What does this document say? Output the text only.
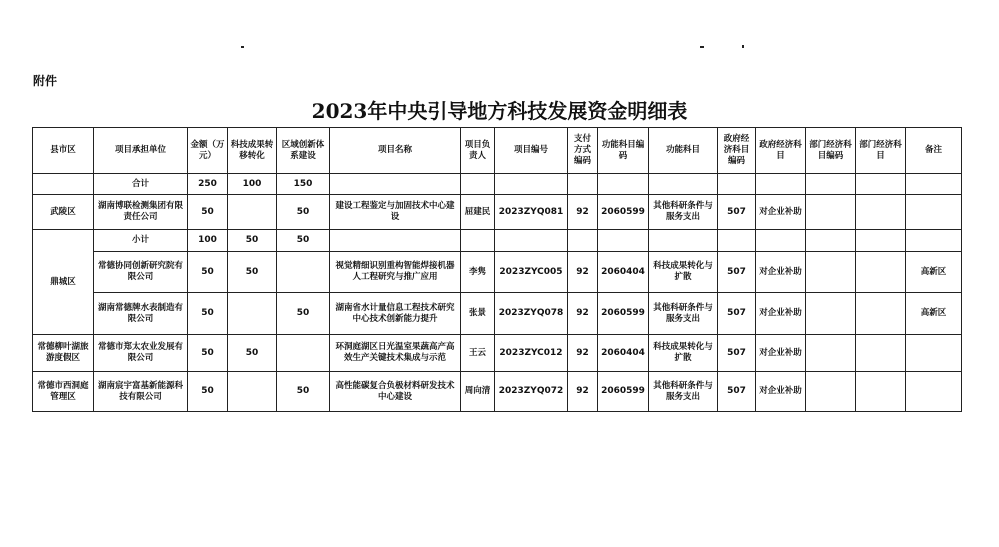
附件
2023年中央引导地方科技发展资金明细表
县市区	项目承担单位	金额（万元）	科技成果转移转化	区域创新体系建设	项目名称	项目负责人	项目编号	支付方式编码	功能科目编码	功能科目	政府经济科目编码	政府经济科目	部门经济科目编码	部门经济科目	备注
	合计	250	100	150											
武陵区	湖南博联检测集团有限责任公司	50		50	建设工程鉴定与加固技术中心建设	屈建民	2023ZYQ081	92	2060599	其他科研条件与服务支出	507	对企业补助			
鼎城区	小计	100	50	50											
	常德协同创新研究院有限公司	50	50		视觉精细识别重构智能焊接机器人工程研究与推广应用	李隽	2023ZYC005	92	2060404	科技成果转化与扩散	507	对企业补助			高新区
	湖南常德牌水表制造有限公司	50		50	湖南省水计量信息工程技术研究中心技术创新能力提升	张景	2023ZYQ078	92	2060599	其他科研条件与服务支出	507	对企业补助			高新区
常德柳叶湖旅游度假区	常德市郑太农业发展有限公司	50	50		环洞庭湖区日光温室果蔬高产高效生产关键技术集成与示范	王云	2023ZYC012	92	2060404	科技成果转化与扩散	507	对企业补助			
常德市西洞庭管理区	湖南宸宇富基新能源科技有限公司	50		50	高性能碳复合负极材料研发技术中心建设	周向清	2023ZYQ072	92	2060599	其他科研条件与服务支出	507	对企业补助			
